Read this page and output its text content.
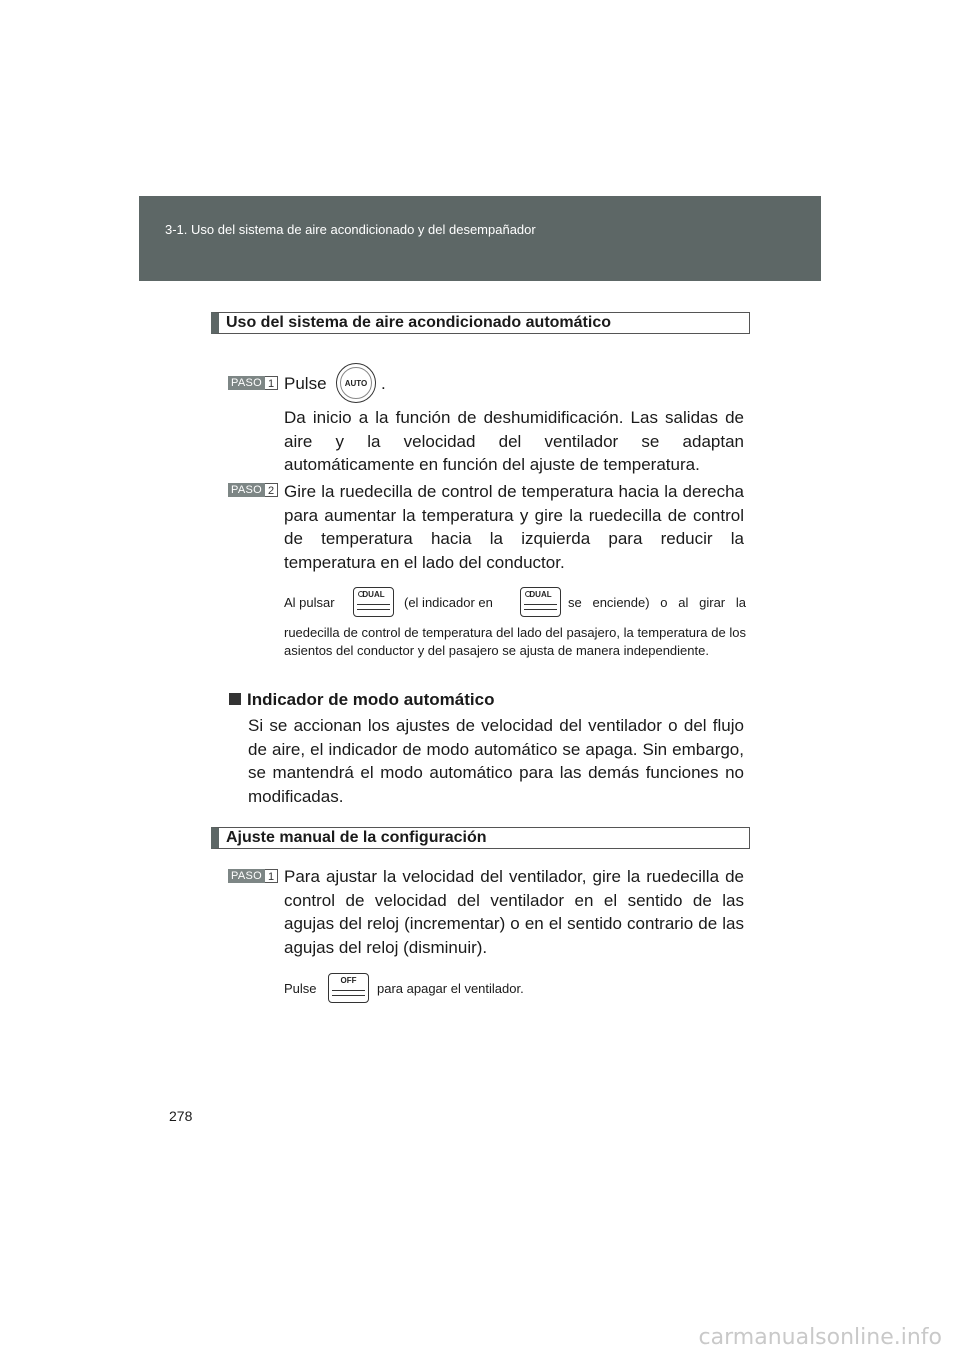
3-1. Uso del sistema de aire acondicionado y del desempañador
Uso del sistema de aire acondicionado automático
PASO 1 Pulse	AUTO .
Da inicio a la función de deshumidificación. Las salidas de aire y la velocidad del ventilador se adaptan automáticamente en función del ajuste de temperatura.
PASO 2 Gire la ruedecilla de control de temperatura hacia la derecha para aumentar la temperatura y gire la ruedecilla de control de temperatura hacia la izquierda para reducir la temperatura en el lado del conductor.
Al pulsar
DUAL
(el indicador en
DUAL
se enciende) o al girar la
ruedecilla de control de temperatura del lado del pasajero, la temperatura de los asientos del conductor y del pasajero se ajusta de manera independiente.
Indicador de modo automático
Si se accionan los ajustes de velocidad del ventilador o del flujo de aire, el indicador de modo automático se apaga. Sin embargo, se mantendrá el modo automático para las demás funciones no modificadas.
Ajuste manual de la configuración
PASO 1 Para ajustar la velocidad del ventilador, gire la ruedecilla de control de velocidad del ventilador en el sentido de las agujas del reloj (incrementar) o en el sentido contrario de las agujas del reloj (disminuir).
Pulse
OFF
para apagar el ventilador.
278
carmanualsonline.info
